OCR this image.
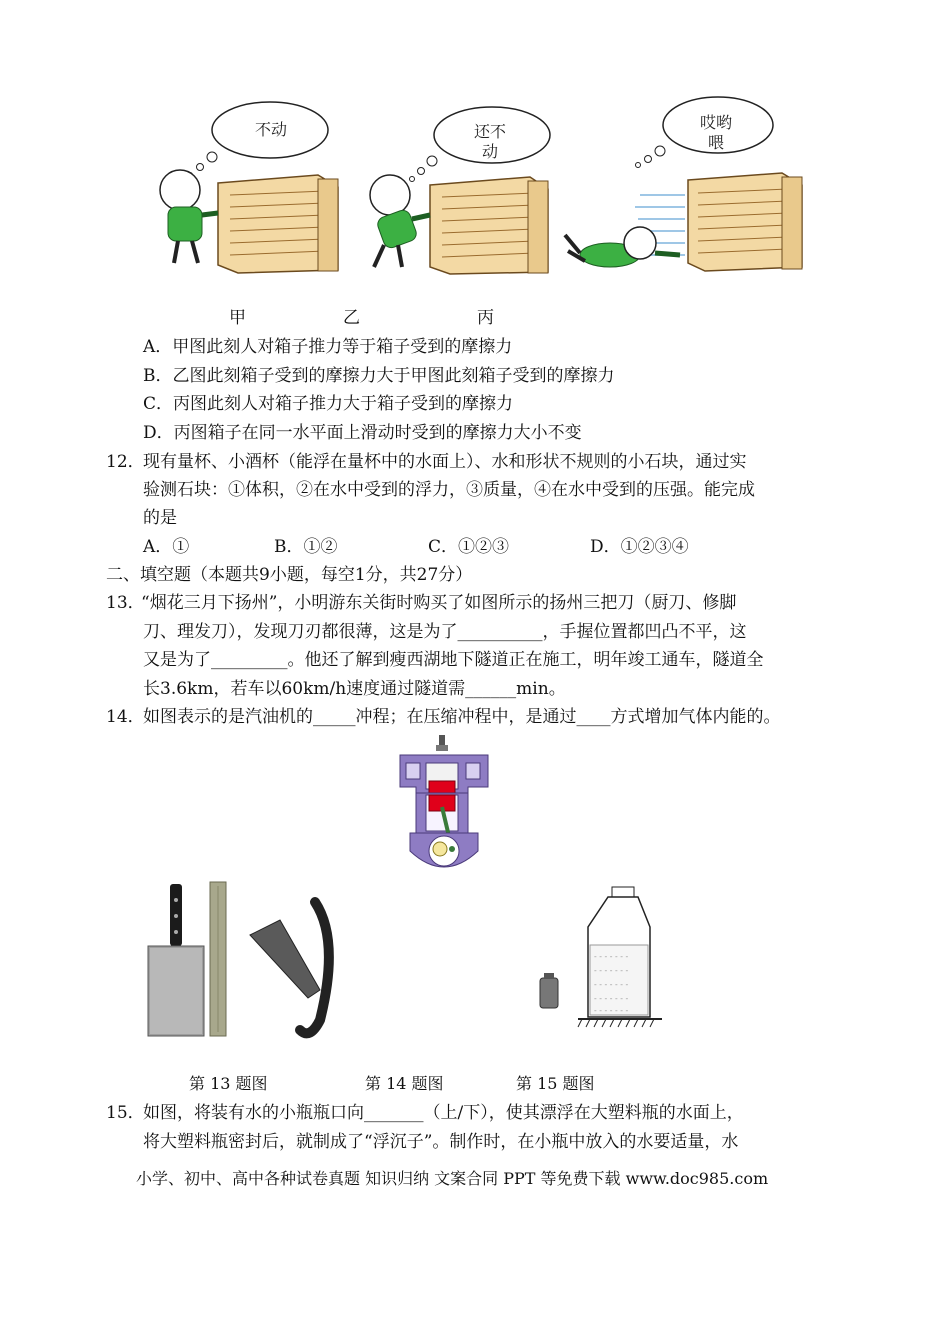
不动	还不动
哎哟喂
甲	乙	丙
A．甲图此刻人对箱子推力等于箱子受到的摩擦力
B．乙图此刻箱子受到的摩擦力大于甲图此刻箱子受到的摩擦力
C．丙图此刻人对箱子推力大于箱子受到的摩擦力
D．丙图箱子在同一水平面上滑动时受到的摩擦力大小不变
12．
现有量杯、小酒杯（能浮在量杯中的水面上）、水和形状不规则的小石块，通过实
验测石块：①体积，②在水中受到的浮力，③质量，④在水中受到的压强。能完成
的是
A．①	B．①②	C．①②③	D．①②③④
二、填空题（本题共9小题，每空1分，共27分）
13．
“烟花三月下扬州”，小明游东关街时购买了如图所示的扬州三把刀（厨刀、修脚
刀、理发刀），发现刀刃都很薄，这是为了__________，手握位置都凹凸不平，这
又是为了_________。他还了解到瘦西湖地下隧道正在施工，明年竣工通车，隧道全
长3.6km，若车以60km/h速度通过隧道需______min。
14．
如图表示的是汽油机的_____冲程；在压缩冲程中，是通过____方式增加气体内能的。
- - - - - - -
- - - - - - -
- - - - - - -
- - - - - - -
- - - - - - -
第 13 题图	第 14 题图	第 15 题图
15．
如图，将装有水的小瓶瓶口向_______（上/下），使其漂浮在大塑料瓶的水面上，
将大塑料瓶密封后，就制成了“浮沉子”。制作时，在小瓶中放入的水要适量，水
小学、初中、高中各种试卷真题 知识归纳 文案合同 PPT 等免费下载 www.doc985.com
